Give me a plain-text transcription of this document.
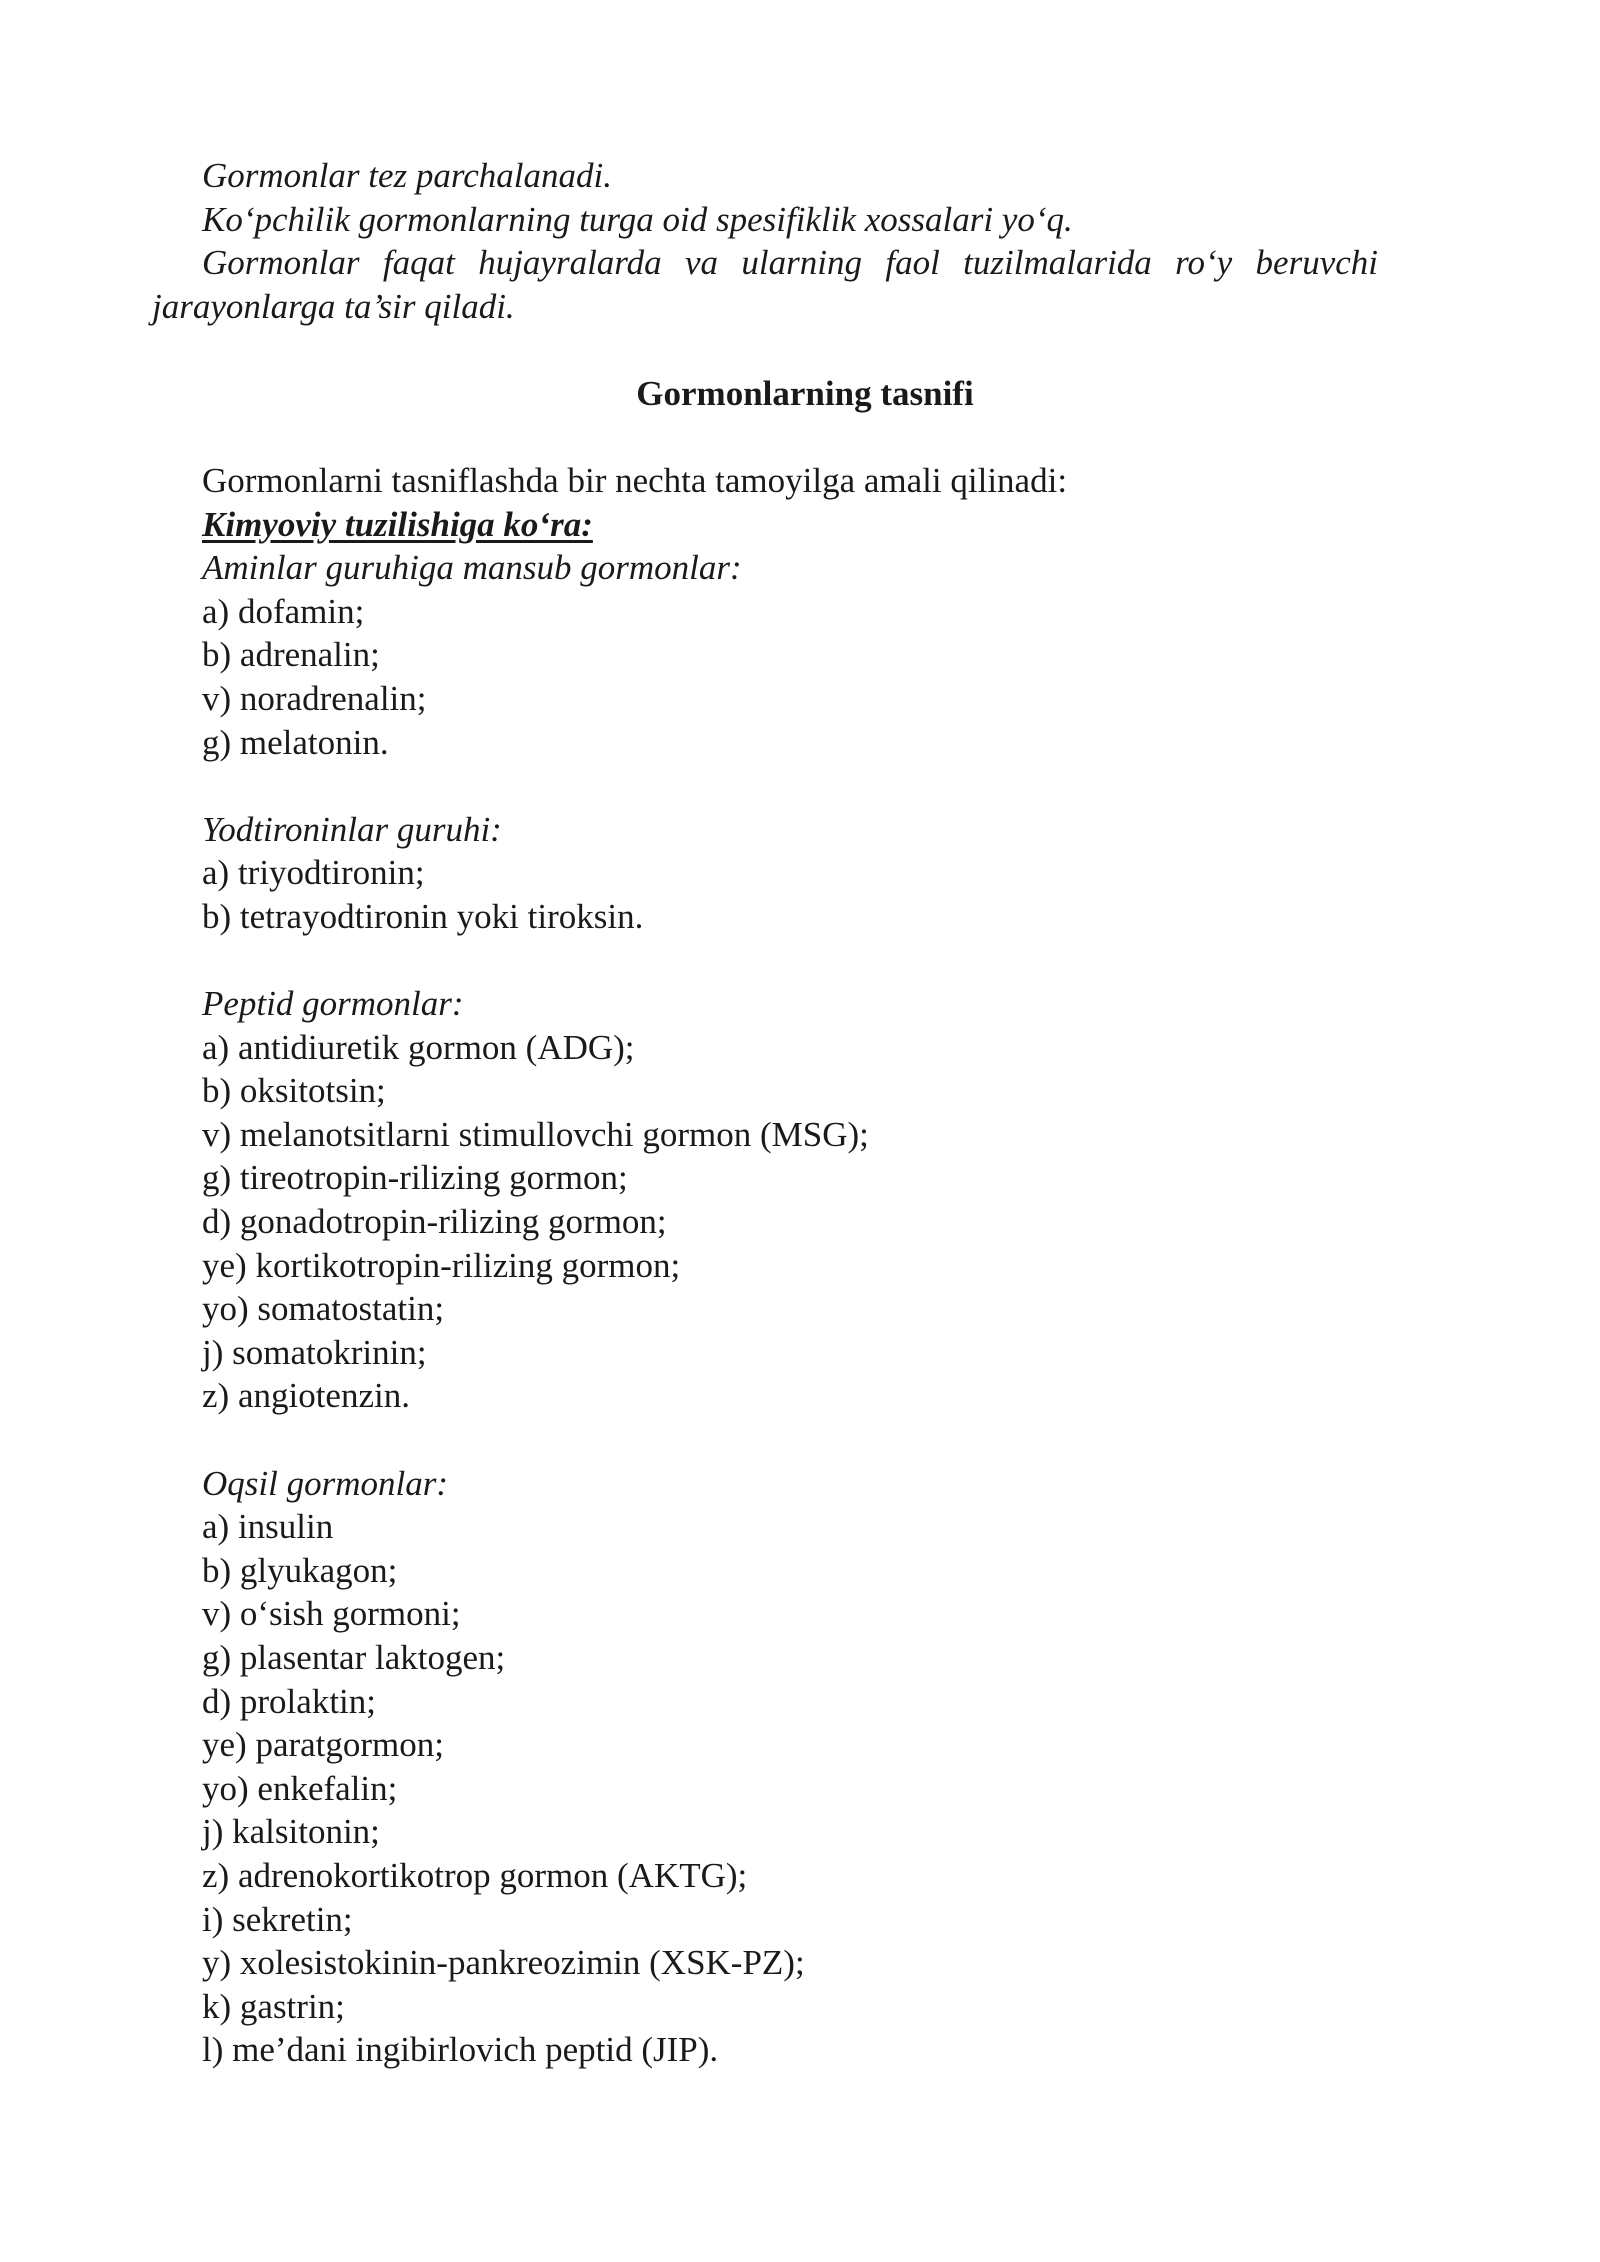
Gormonlar tez parchalanadi.

Ko‘pchilik gormonlarning turga oid spesifiklik xossalari yo‘q.

Gormonlar faqat hujayralarda va ularning faol tuzilmalarida ro‘y beruvchi jarayonlarga ta’sir qiladi.

Gormonlarning tasnifi

Gormonlarni tasniflashda bir nechta tamoyilga amali qilinadi:

Kimyoviy tuzilishiga ko‘ra:

Aminlar guruhiga mansub gormonlar:

a) dofamin;

b) adrenalin;

v) noradrenalin;

g) melatonin.

Yodtironinlar guruhi:

a) triyodtironin;

b) tetrayodtironin yoki tiroksin.

Peptid gormonlar:

a) antidiuretik gormon (ADG);

b) oksitotsin;

v) melanotsitlarni stimullovchi gormon (MSG);

g) tireotropin-rilizing gormon;

d) gonadotropin-rilizing gormon;

ye) kortikotropin-rilizing gormon;

yo) somatostatin;

j) somatokrinin;

z) angiotenzin.

Oqsil gormonlar:

a) insulin

b) glyukagon;

v) o‘sish gormoni;

g) plasentar laktogen;

d) prolaktin;

ye) paratgormon;

yo) enkefalin;

j) kalsitonin;

z) adrenokortikotrop gormon (AKTG);

i) sekretin;

y) xolesistokinin-pankreozimin (XSK-PZ);

k) gastrin;

l) me’dani ingibirlovich peptid (JIP).
